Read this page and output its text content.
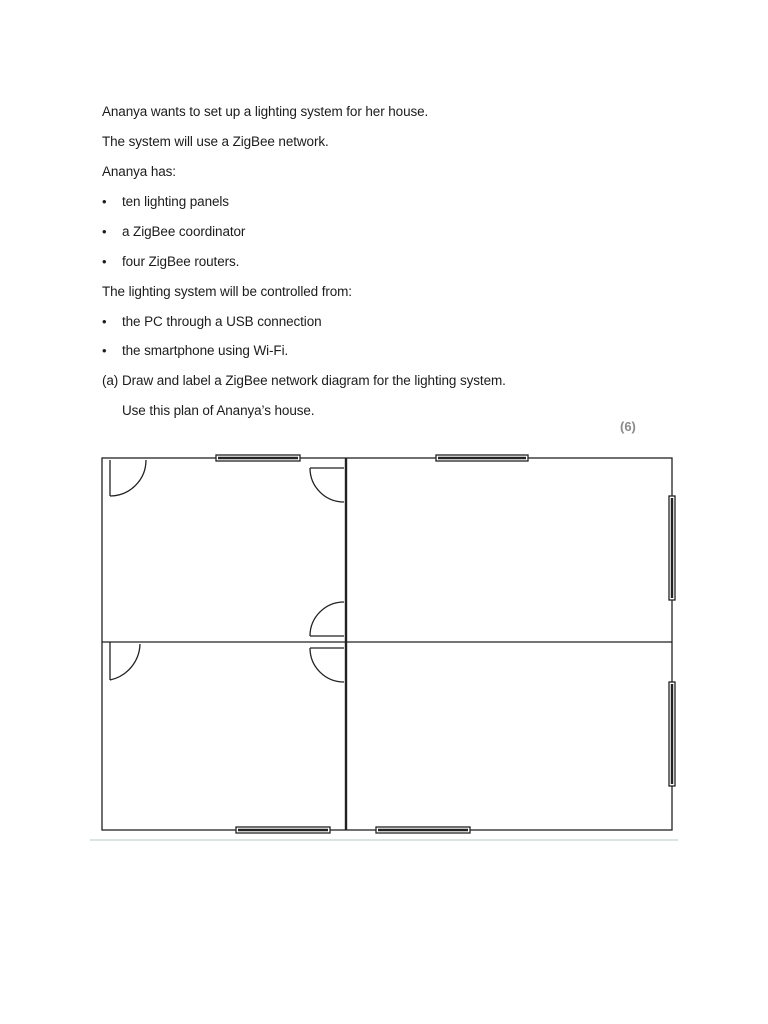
Ananya wants to set up a lighting system for her house.
The system will use a ZigBee network.
Ananya has:
• ten lighting panels
• a ZigBee coordinator
• four ZigBee routers.
The lighting system will be controlled from:
• the PC through a USB connection
• the smartphone using Wi-Fi.
(a) Draw and label a ZigBee network diagram for the lighting system.
Use this plan of Ananya’s house.
(6)
